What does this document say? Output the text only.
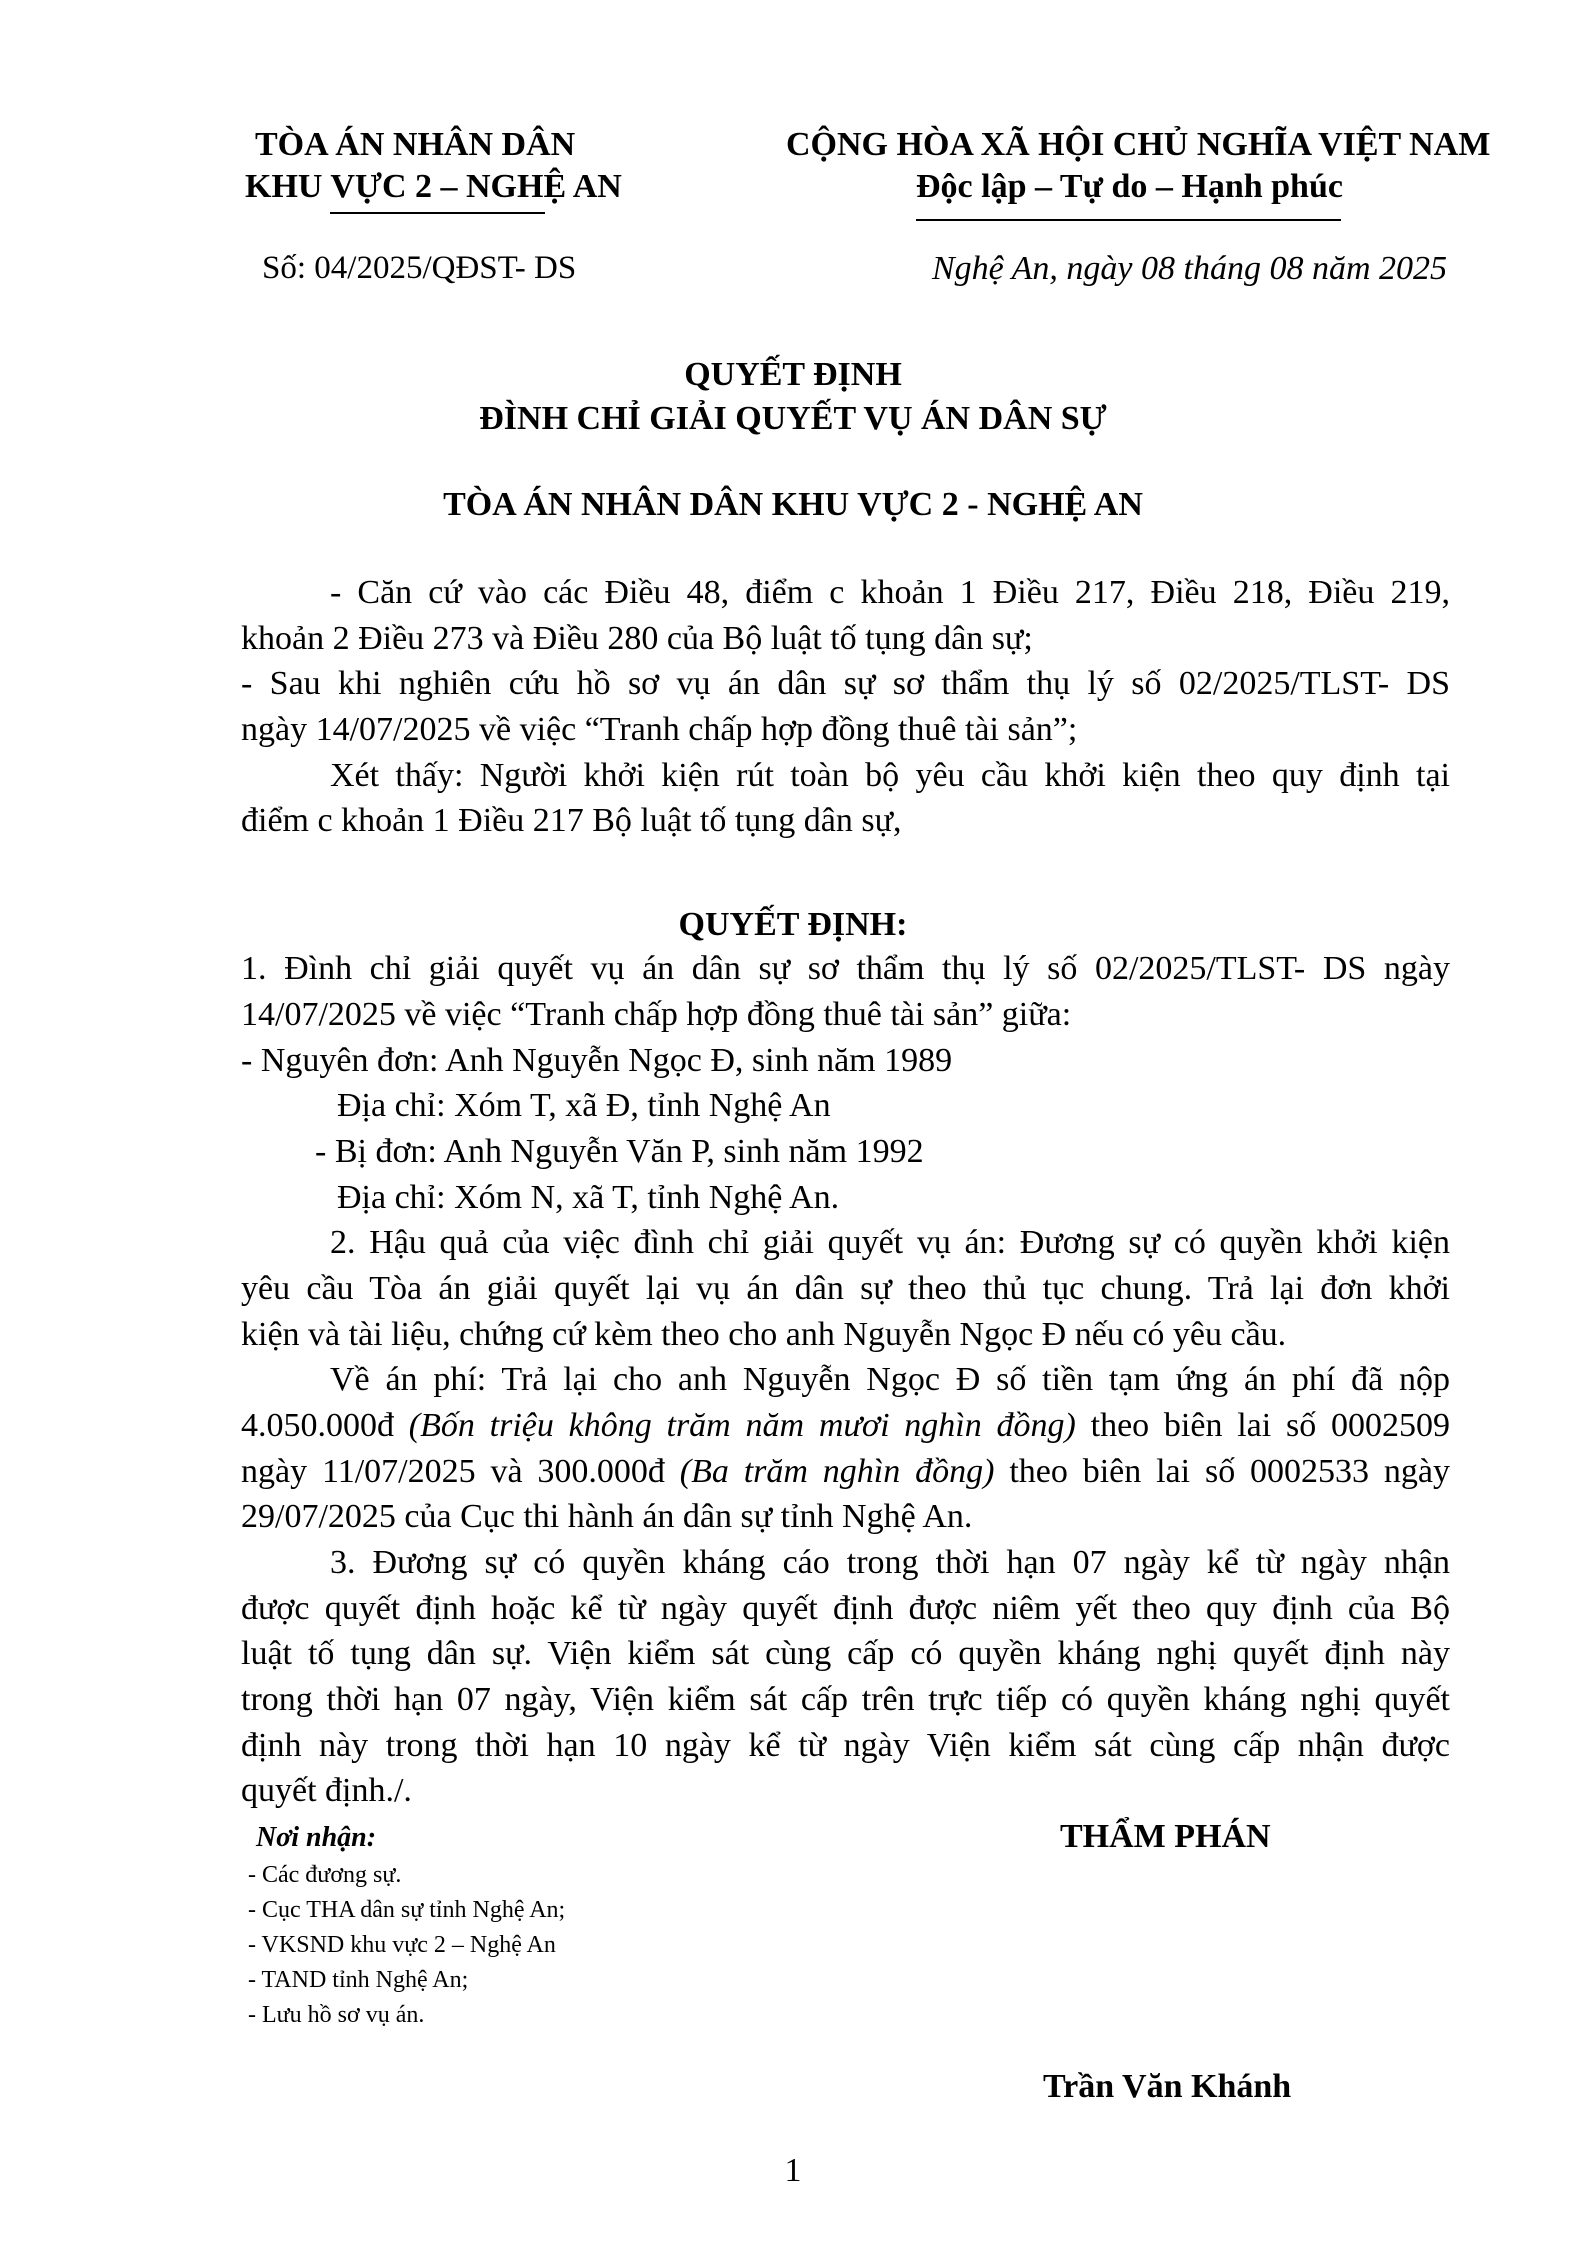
TÒA ÁN NHÂN DÂN
KHU VỰC 2 – NGHỆ AN
Số: 04/2025/QĐST- DS
CỘNG HÒA XÃ HỘI CHỦ NGHĨA VIỆT NAM
Độc lập – Tự do – Hạnh phúc
Nghệ An, ngày 08 tháng 08 năm 2025
QUYẾT ĐỊNH
ĐÌNH CHỈ GIẢI QUYẾT VỤ ÁN DÂN SỰ
TÒA ÁN NHÂN DÂN KHU VỰC 2 - NGHỆ AN
- Căn cứ vào các Điều 48, điểm c khoản 1 Điều 217, Điều 218, Điều 219,
khoản 2 Điều 273 và Điều 280 của Bộ luật tố tụng dân sự;
- Sau khi nghiên cứu hồ sơ vụ án dân sự sơ thẩm thụ lý số 02/2025/TLST- DS
ngày 14/07/2025 về việc “Tranh chấp hợp đồng thuê tài sản”;
Xét thấy: Người khởi kiện rút toàn bộ yêu cầu khởi kiện theo quy định tại
điểm c khoản 1 Điều 217 Bộ luật tố tụng dân sự,
QUYẾT ĐỊNH:
1. Đình chỉ giải quyết vụ án dân sự sơ thẩm thụ lý số 02/2025/TLST- DS ngày
14/07/2025 về việc “Tranh chấp hợp đồng thuê tài sản” giữa:
- Nguyên đơn: Anh Nguyễn Ngọc Đ, sinh năm 1989
Địa chỉ: Xóm T, xã Đ, tỉnh Nghệ An
- Bị đơn: Anh Nguyễn Văn P, sinh năm 1992
Địa chỉ: Xóm N, xã T, tỉnh Nghệ An.
2. Hậu quả của việc đình chỉ giải quyết vụ án: Đương sự có quyền khởi kiện
yêu cầu Tòa án giải quyết lại vụ án dân sự theo thủ tục chung. Trả lại đơn khởi
kiện và tài liệu, chứng cứ kèm theo cho anh Nguyễn Ngọc Đ nếu có yêu cầu.
Về án phí: Trả lại cho anh Nguyễn Ngọc Đ số tiền tạm ứng án phí đã nộp
4.050.000đ (Bốn triệu không trăm năm mươi nghìn đồng) theo biên lai số 0002509
ngày 11/07/2025 và 300.000đ (Ba trăm nghìn đồng) theo biên lai số 0002533 ngày
29/07/2025 của Cục thi hành án dân sự tỉnh Nghệ An.
3. Đương sự có quyền kháng cáo trong thời hạn 07 ngày kể từ ngày nhận
được quyết định hoặc kể từ ngày quyết định được niêm yết theo quy định của Bộ
luật tố tụng dân sự. Viện kiểm sát cùng cấp có quyền kháng nghị quyết định này
trong thời hạn 07 ngày, Viện kiểm sát cấp trên trực tiếp có quyền kháng nghị quyết
định này trong thời hạn 10 ngày kể từ ngày Viện kiểm sát cùng cấp nhận được
quyết định./.
Nơi nhận:
- Các đương sự.
- Cục THA dân sự tỉnh Nghệ An;
- VKSND khu vực 2 – Nghệ An
- TAND tỉnh Nghệ An;
- Lưu hồ sơ vụ án.
THẨM PHÁN
Trần Văn Khánh
1
